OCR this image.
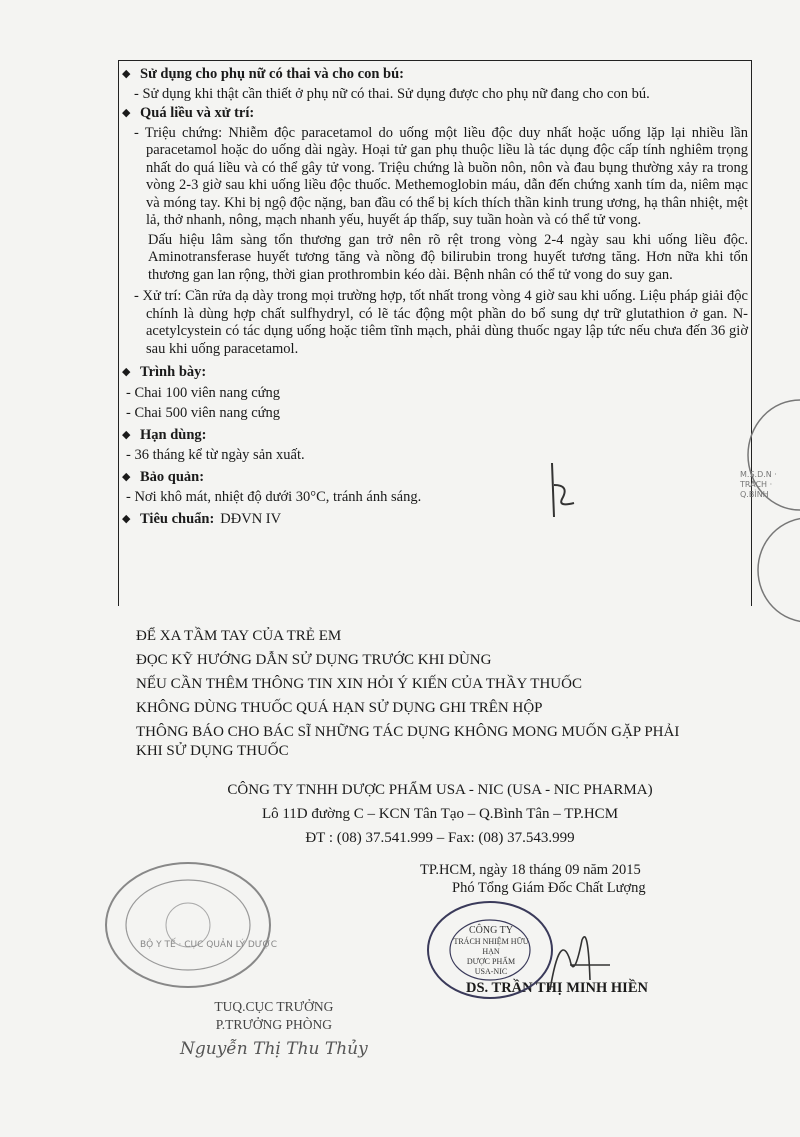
◆ Sử dụng cho phụ nữ có thai và cho con bú:
- Sử dụng khi thật cần thiết ở phụ nữ có thai. Sử dụng được cho phụ nữ đang cho con bú.
◆ Quá liều và xử trí:
- Triệu chứng: Nhiễm độc paracetamol do uống một liều độc duy nhất hoặc uống lặp lại nhiều lần paracetamol hoặc do uống dài ngày. Hoại tử gan phụ thuộc liều là tác dụng độc cấp tính nghiêm trọng nhất do quá liều và có thể gây tử vong. Triệu chứng là buồn nôn, nôn và đau bụng thường xảy ra trong vòng 2-3 giờ sau khi uống liều độc thuốc. Methemoglobin máu, dẫn đến chứng xanh tím da, niêm mạc và móng tay. Khi bị ngộ độc nặng, ban đầu có thể bị kích thích thần kinh trung ương, hạ thân nhiệt, mệt lả, thở nhanh, nông, mạch nhanh yếu, huyết áp thấp, suy tuần hoàn và có thể tử vong.
Dấu hiệu lâm sàng tổn thương gan trở nên rõ rệt trong vòng 2-4 ngày sau khi uống liều độc. Aminotransferase huyết tương tăng và nồng độ bilirubin trong huyết tương tăng. Hơn nữa khi tổn thương gan lan rộng, thời gian prothrombin kéo dài. Bệnh nhân có thể tử vong do suy gan.
- Xử trí: Cần rửa dạ dày trong mọi trường hợp, tốt nhất trong vòng 4 giờ sau khi uống. Liệu pháp giải độc chính là dùng hợp chất sulfhydryl, có lẽ tác động một phần do bổ sung dự trữ glutathion ở gan. N- acetylcystein có tác dụng uống hoặc tiêm tĩnh mạch, phải dùng thuốc ngay lập tức nếu chưa đến 36 giờ sau khi uống paracetamol.
◆ Trình bày:
- Chai 100 viên nang cứng
- Chai 500 viên nang cứng
◆ Hạn dùng:
- 36 tháng kể từ ngày sản xuất.
◆ Bảo quản:
- Nơi khô mát, nhiệt độ dưới 30°C, tránh ánh sáng.
◆ Tiêu chuẩn: DĐVN IV
ĐỂ XA TẦM TAY CỦA TRẺ EM
ĐỌC KỸ HƯỚNG DẪN SỬ DỤNG TRƯỚC KHI DÙNG
NẾU CẦN THÊM THÔNG TIN XIN HỎI Ý KIẾN CỦA THẦY THUỐC
KHÔNG DÙNG THUỐC QUÁ HẠN SỬ DỤNG GHI TRÊN HỘP
THÔNG BÁO CHO BÁC SĨ NHỮNG TÁC DỤNG KHÔNG MONG MUỐN GẶP PHẢI
KHI SỬ DỤNG THUỐC
CÔNG TY TNHH DƯỢC PHẨM USA - NIC (USA - NIC PHARMA)
Lô 11D đường C – KCN Tân Tạo – Q.Bình Tân – TP.HCM
ĐT : (08) 37.541.999 – Fax: (08) 37.543.999
TP.HCM, ngày 18 tháng 09 năm 2015
Phó Tổng Giám Đốc Chất Lượng
DS. TRẦN THỊ MINH HIỀN
CÔNG TY
TRÁCH NHIỆM HỮU HẠN
DƯỢC PHẨM
USA-NIC
BỘ Y TẾ · CỤC QUẢN LÝ DƯỢC
M.S.D.N · TRÁCH · Q.BÌNH
TUQ.CỤC TRƯỞNG
P.TRƯỞNG PHÒNG
Nguyễn Thị Thu Thủy
